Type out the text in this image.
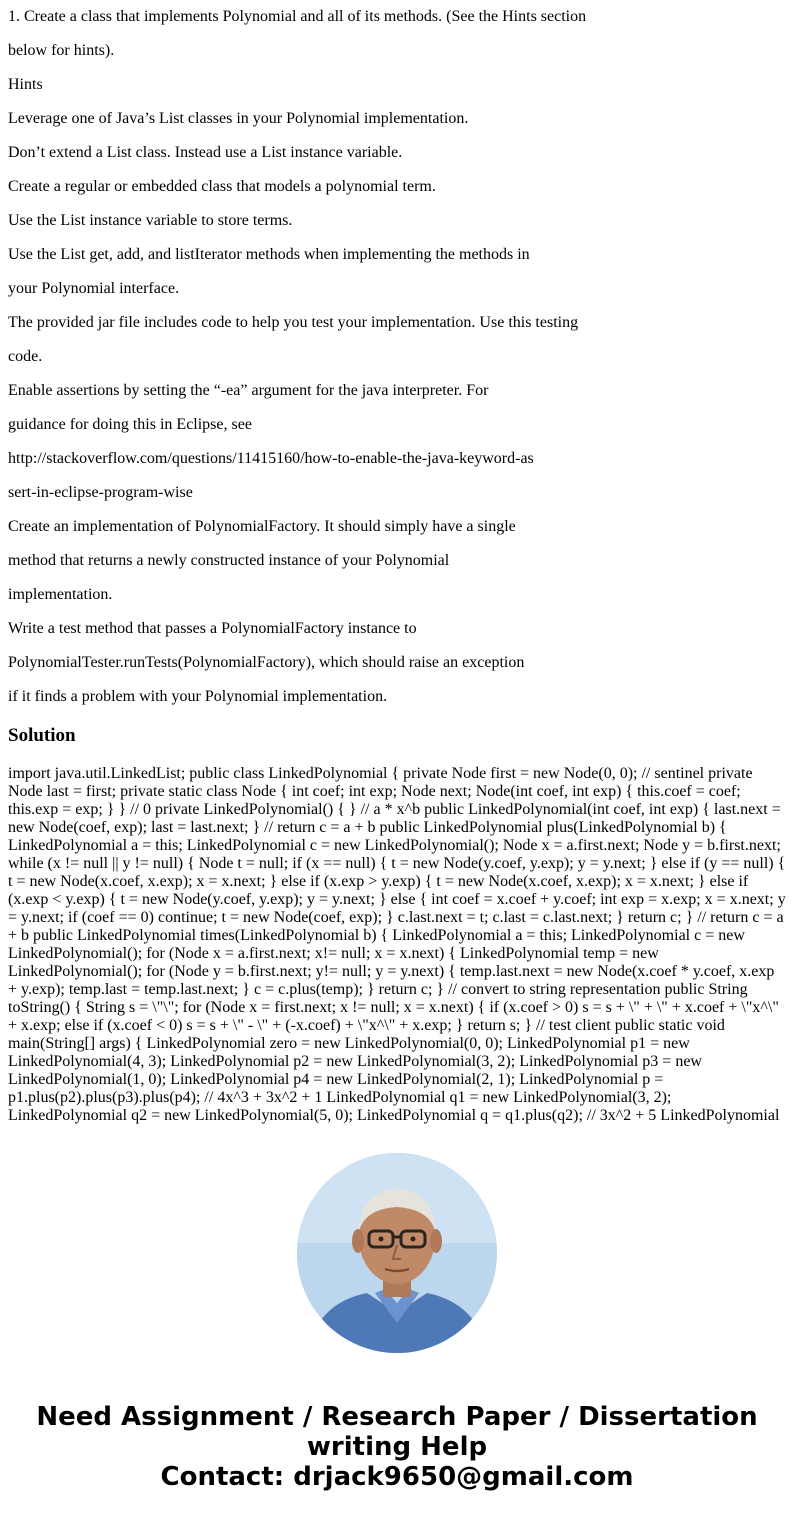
1. Create a class that implements Polynomial and all of its methods. (See the Hints section

below for hints).

Hints

Leverage one of Java’s List classes in your Polynomial implementation.

Don’t extend a List class. Instead use a List instance variable.

Create a regular or embedded class that models a polynomial term.

Use the List instance variable to store terms.

Use the List get, add, and listIterator methods when implementing the methods in

your Polynomial interface.

The provided jar file includes code to help you test your implementation. Use this testing

code.

Enable assertions by setting the “-ea” argument for the java interpreter. For

guidance for doing this in Eclipse, see

http://stackoverflow.com/questions/11415160/how-to-enable-the-java-keyword-as

sert-in-eclipse-program-wise

Create an implementation of PolynomialFactory. It should simply have a single

method that returns a newly constructed instance of your Polynomial

implementation.

Write a test method that passes a PolynomialFactory instance to

PolynomialTester.runTests(PolynomialFactory), which should raise an exception

if it finds a problem with your Polynomial implementation.

Solution

import java.util.LinkedList; public class LinkedPolynomial { private Node first = new Node(0, 0); // sentinel private Node last = first; private static class Node { int coef; int exp; Node next; Node(int coef, int exp) { this.coef = coef; this.exp = exp; } } // 0 private LinkedPolynomial() { } // a * x^b public LinkedPolynomial(int coef, int exp) { last.next = new Node(coef, exp); last = last.next; } // return c = a + b public LinkedPolynomial plus(LinkedPolynomial b) { LinkedPolynomial a = this; LinkedPolynomial c = new LinkedPolynomial(); Node x = a.first.next; Node y = b.first.next; while (x != null || y != null) { Node t = null; if (x == null) { t = new Node(y.coef, y.exp); y = y.next; } else if (y == null) { t = new Node(x.coef, x.exp); x = x.next; } else if (x.exp > y.exp) { t = new Node(x.coef, x.exp); x = x.next; } else if (x.exp < y.exp) { t = new Node(y.coef, y.exp); y = y.next; } else { int coef = x.coef + y.coef; int exp = x.exp; x = x.next; y = y.next; if (coef == 0) continue; t = new Node(coef, exp); } c.last.next = t; c.last = c.last.next; } return c; } // return c = a + b public LinkedPolynomial times(LinkedPolynomial b) { LinkedPolynomial a = this; LinkedPolynomial c = new LinkedPolynomial(); for (Node x = a.first.next; x!= null; x = x.next) { LinkedPolynomial temp = new LinkedPolynomial(); for (Node y = b.first.next; y!= null; y = y.next) { temp.last.next = new Node(x.coef * y.coef, x.exp + y.exp); temp.last = temp.last.next; } c = c.plus(temp); } return c; } // convert to string representation public String toString() { String s = \"\"; for (Node x = first.next; x != null; x = x.next) { if (x.coef > 0) s = s + \" + \" + x.coef + \"x^\" + x.exp; else if (x.coef < 0) s = s + \" - \" + (-x.coef) + \"x^\" + x.exp; } return s; } // test client public static void main(String[] args) { LinkedPolynomial zero = new LinkedPolynomial(0, 0); LinkedPolynomial p1 = new LinkedPolynomial(4, 3); LinkedPolynomial p2 = new LinkedPolynomial(3, 2); LinkedPolynomial p3 = new LinkedPolynomial(1, 0); LinkedPolynomial p4 = new LinkedPolynomial(2, 1); LinkedPolynomial p = p1.plus(p2).plus(p3).plus(p4); // 4x^3 + 3x^2 + 1 LinkedPolynomial q1 = new LinkedPolynomial(3, 2); LinkedPolynomial q2 = new LinkedPolynomial(5, 0); LinkedPolynomial q = q1.plus(q2); // 3x^2 + 5 LinkedPolynomial

Need Assignment / Research Paper / Dissertation
writing Help
Contact: drjack9650@gmail.com
